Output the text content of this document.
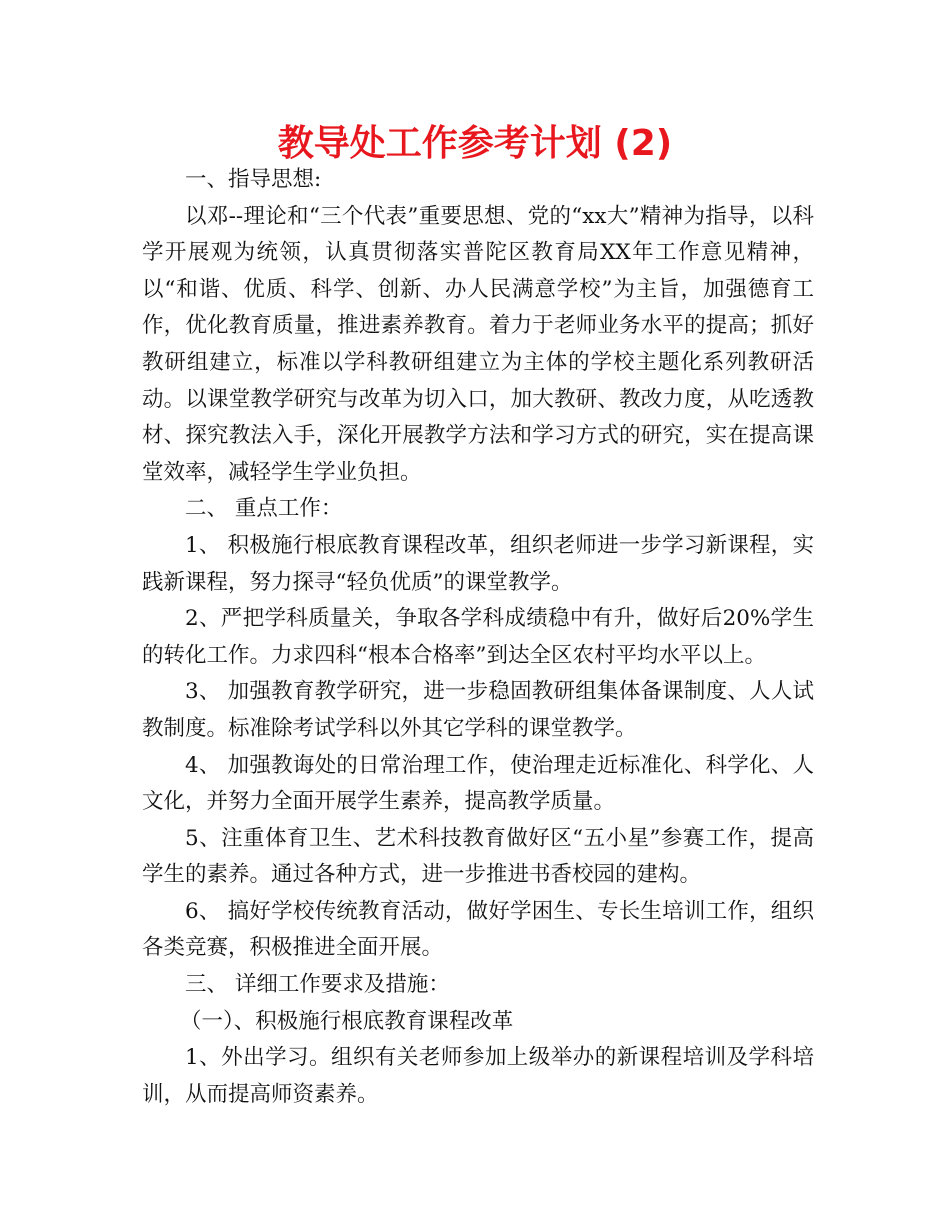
教导处工作参考计划 (2)

一、指导思想:

以邓--理论和“三个代表”重要思想、党的“xx大”精神为指导，以科学开展观为统领，认真贯彻落实普陀区教育局XX年工作意见精神，以“和谐、优质、科学、创新、办人民满意学校”为主旨，加强德育工作，优化教育质量，推进素养教育。着力于老师业务水平的提高；抓好教研组建立，标准以学科教研组建立为主体的学校主题化系列教研活动。以课堂教学研究与改革为切入口，加大教研、教改力度，从吃透教材、探究教法入手，深化开展教学方法和学习方式的研究，实在提高课堂效率，减轻学生学业负担。

二、 重点工作：

1、 积极施行根底教育课程改革，组织老师进一步学习新课程，实践新课程，努力探寻“轻负优质”的课堂教学。

2、严把学科质量关，争取各学科成绩稳中有升，做好后20%学生的转化工作。力求四科“根本合格率”到达全区农村平均水平以上。

3、 加强教育教学研究，进一步稳固教研组集体备课制度、人人试教制度。标准除考试学科以外其它学科的课堂教学。

4、 加强教诲处的日常治理工作，使治理走近标准化、科学化、人文化，并努力全面开展学生素养，提高教学质量。

5、注重体育卫生、艺术科技教育做好区“五小星”参赛工作，提高学生的素养。通过各种方式，进一步推进书香校园的建构。

6、 搞好学校传统教育活动，做好学困生、专长生培训工作，组织各类竞赛，积极推进全面开展。

三、 详细工作要求及措施：

（一）、积极施行根底教育课程改革

1、外出学习。组织有关老师参加上级举办的新课程培训及学科培训，从而提高师资素养。
